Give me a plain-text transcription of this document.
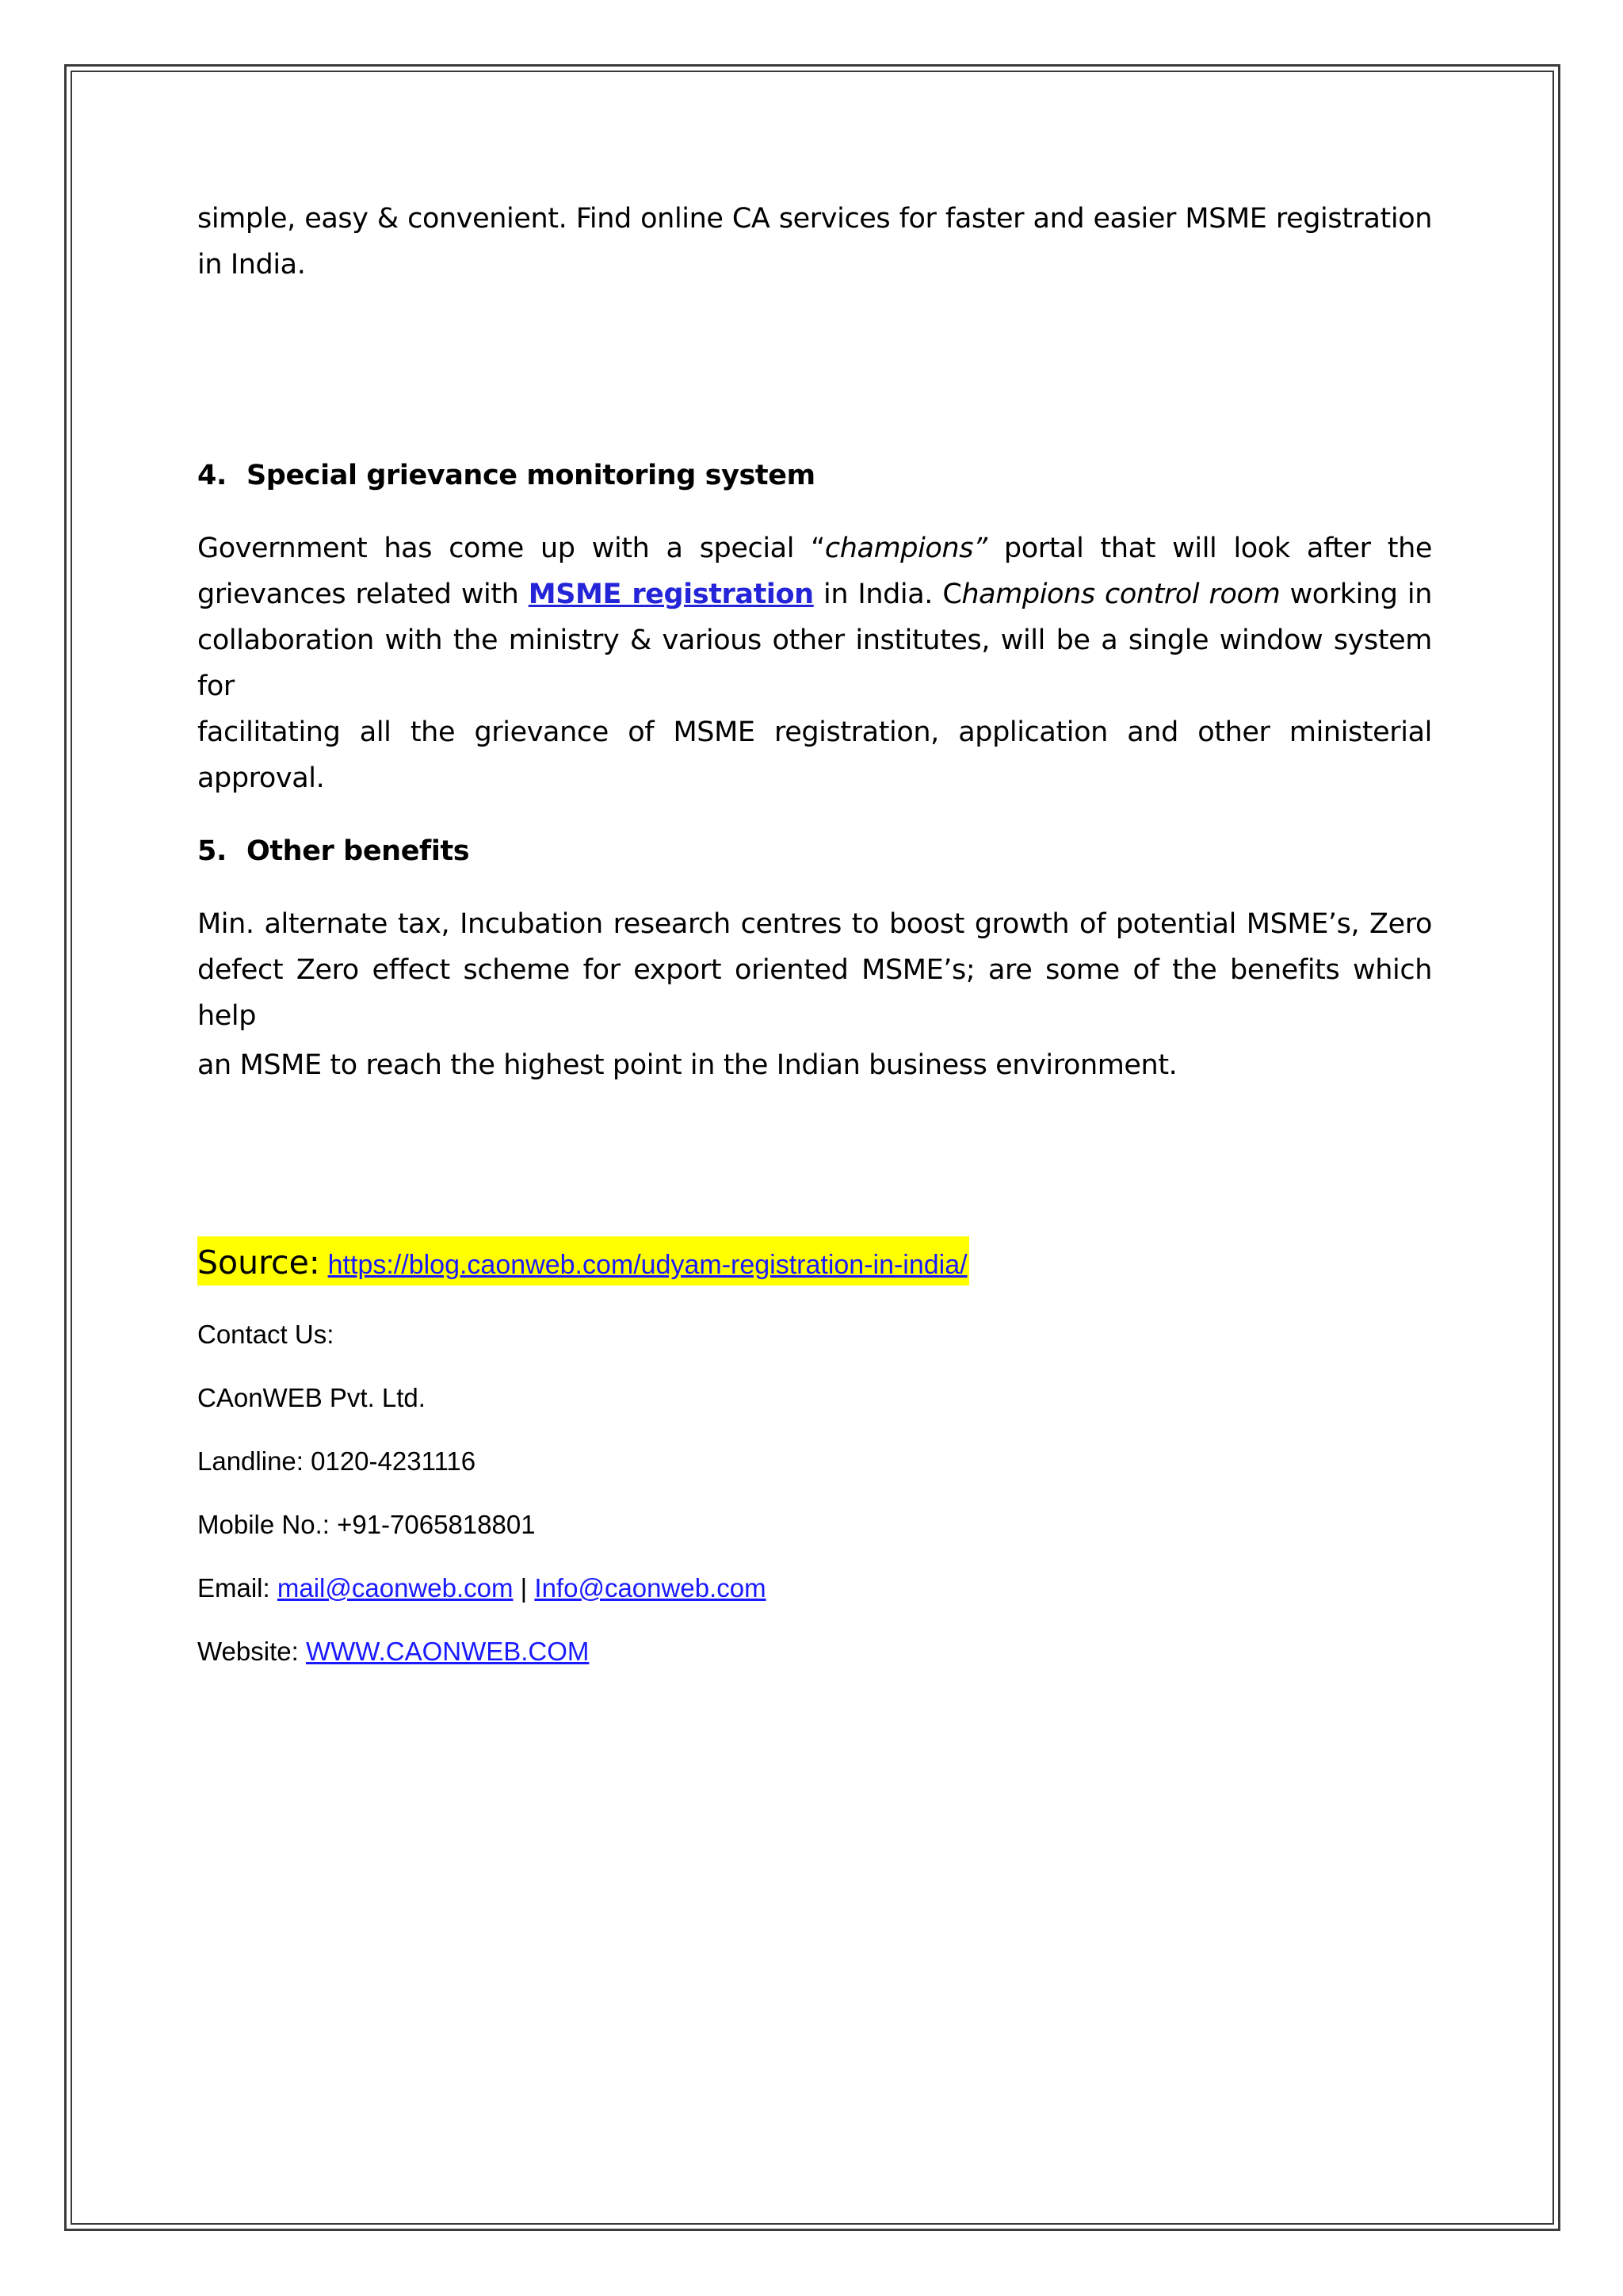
simple, easy & convenient. Find online CA services for faster and easier MSME registration
in India.
4. Special grievance monitoring system
Government has come up with a special “champions” portal that will look after the
grievances related with MSME registration in India. Champions control room working in
collaboration with the ministry & various other institutes, will be a single window system for
facilitating all the grievance of MSME registration, application and other ministerial
approval.
5. Other benefits
Min. alternate tax, Incubation research centres to boost growth of potential MSME’s, Zero
defect Zero effect scheme for export oriented MSME’s; are some of the benefits which help
an MSME to reach the highest point in the Indian business environment.
Source: https://blog.caonweb.com/udyam-registration-in-india/
Contact Us:
CAonWEB Pvt. Ltd.
Landline: 0120-4231116
Mobile No.: +91-7065818801
Email: mail@caonweb.com | Info@caonweb.com
Website: WWW.CAONWEB.COM
